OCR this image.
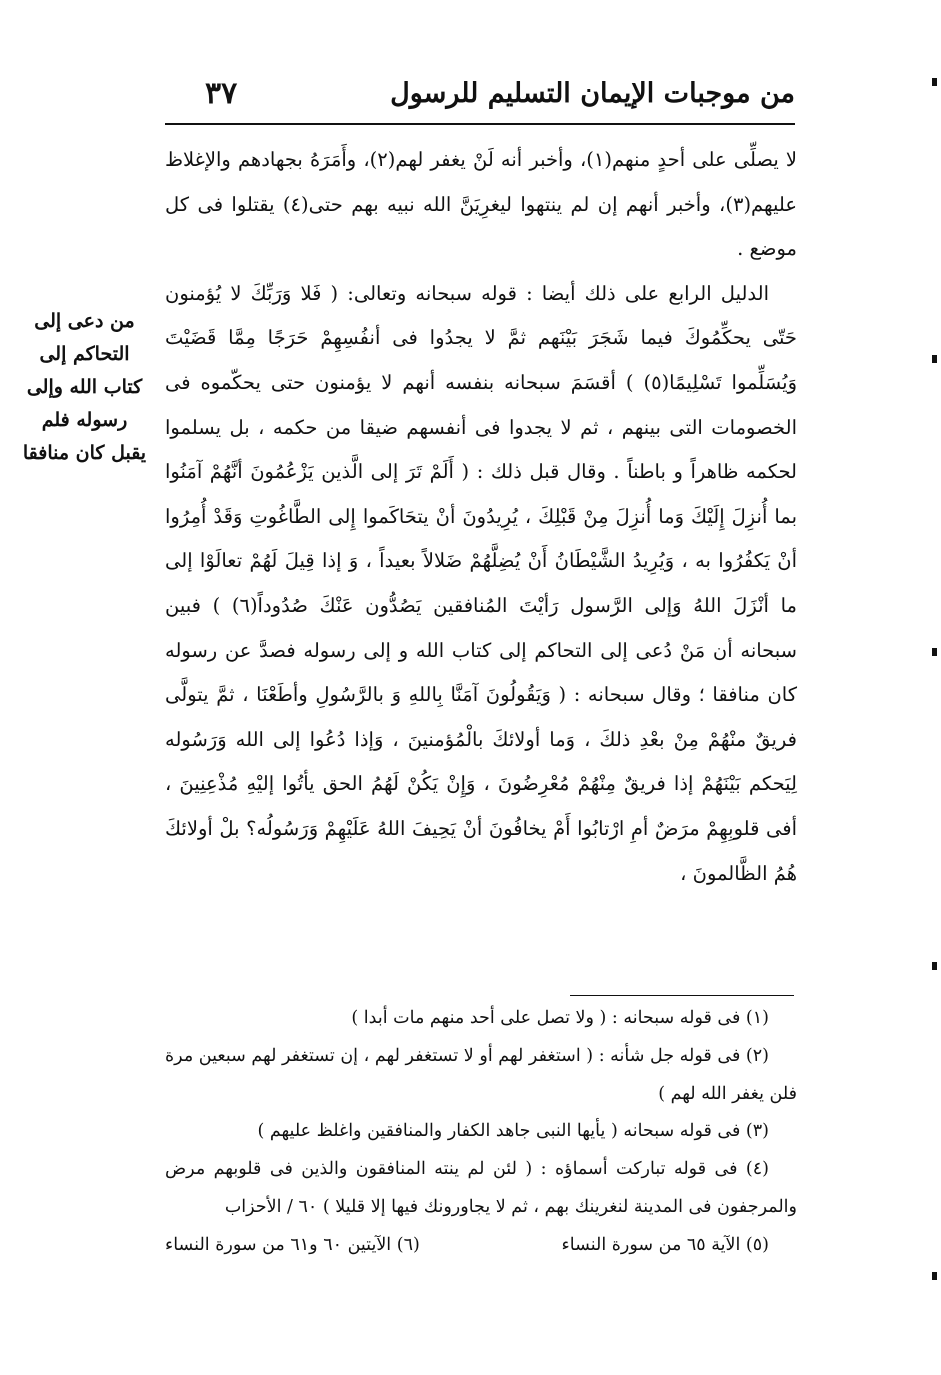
من موجبات الإيمان التسليم للرسول
٣٧

لا يصلِّى على أحدٍ منهم(١)، وأخبر أنه لَنْ يغفر لهم(٢)، وأَمَرَهُ بجهادهم والإغلاظ عليهم(٣)، وأخبر أنهم إن لم ينتهوا ليغرِيَنَّ الله نبيه بهم حتى(٤) يقتلوا فى كل موضع .

الدليل الرابع على ذلك أيضا : قوله سبحانه وتعالى: ( فَلا وَرَبِّكَ لا يُؤمنون حَتّى يحكِّمُوكَ فيما شَجَرَ بَيْنَهم ثمَّ لا يجدُوا فى أنفُسِهِمْ حَرَجًا مِمَّا قَضَيْتَ وَيُسَلِّموا تَسْلِيمًا(٥) ) أقسَمَ سبحانه بنفسه أنهم لا يؤمنون حتى يحكّموه فى الخصومات التى بينهم ، ثم لا يجدوا فى أنفسهم ضيقا من حكمه ، بل يسلموا لحكمه ظاهراً و باطناً . وقال قبل ذلك : ( أَلَمْ تَرَ إلى الَّذين يَزْعُمُونَ أنَّهُمْ آمَنُوا بما أُنزِلَ إِلَيْكَ وَما أُنزِلَ مِنْ قَبْلِكَ ، يُرِيدُونَ أنْ يتحَاكَموا إِلى الطَّاغُوتِ وَقَدْ أُمِرُوا أنْ يَكفُرُوا به ، وَيُرِيدُ الشَّيْطَانُ أَنْ يُضِلَّهُمْ ضَلالاً بعيداً ، وَ إذا قِيلَ لَهُمْ تعالَوْا إلى ما أنْزَلَ اللهُ وَإلى الرَّسول رَأيْتَ المُنافقين يَصُدُّون عَنْكَ صُدُوداً(٦) ) فبين سبحانه أن مَنْ دُعى إلى التحاكم إلى كتاب الله و إلى رسوله فصدَّ عن رسوله كان منافقا ؛ وقال سبحانه : ( وَيَقُولُونَ آمَنَّا بِاللهِ وَ بالرَّسُولِ وأطَعْنَا ، ثمَّ يتولَّى فريقٌ منْهُمْ مِنْ بعْدِ ذلكَ ، وَما أولائكَ بالْمُؤمنينَ ، وَإذا دُعُوا إلى الله وَرَسُوله لِيَحكم بَيْنَهُمْ إذا فريقٌ مِنْهُمْ مُعْرِضُونَ ، وَإِنْ يَكُنْ لَهُمُ الحق يأتُوا إليْهِ مُذْعِنِينَ ، أفى قلوبِهِمْ مرَضٌ أمِ ارْتابُوا أَمْ يخافُونَ أنْ يَحِيفَ اللهُ عَلَيْهِمْ وَرَسُولُه؟ بلْ أولائكَ هُمُ الظَّالمونَ ،

من دعى إلى التحاكم إلى كتاب الله وإلى رسوله فلم يقبل كان منافقا

(١) فى قوله سبحانه : ( ولا تصل على أحد منهم مات أبدا )

(٢) فى قوله جل شأنه : ( استغفر لهم أو لا تستغفر لهم ، إن تستغفر لهم سبعين مرة فلن يغفر الله لهم )

(٣) فى قوله سبحانه ( يأيها النبى جاهد الكفار والمنافقين واغلظ عليهم )

(٤) فى قوله تباركت أسماؤه : ( لئن لم ينته المنافقون والذين فى قلوبهم مرض والمرجفون فى المدينة لنغرينك بهم ، ثم لا يجاورونك فيها إلا قليلا ) ٦٠ / الأحزاب

(٥) الآية ٦٥ من سورة النساء
(٦) الآيتين ٦٠ و٦١ من سورة النساء
